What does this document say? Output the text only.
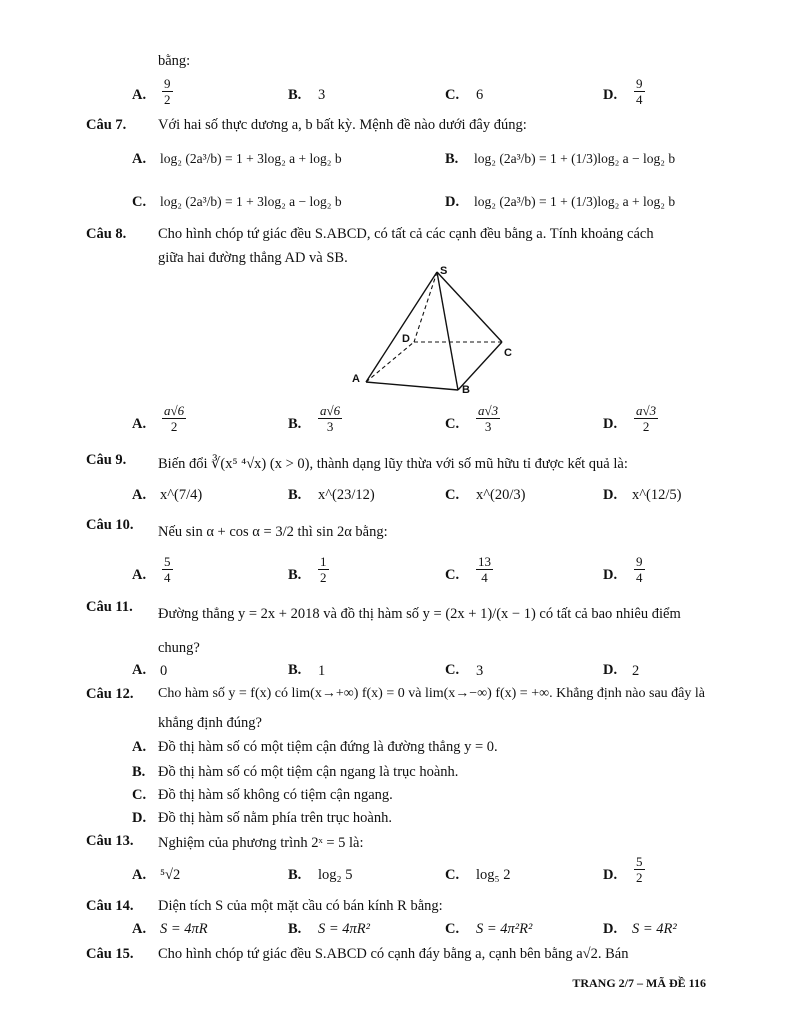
bằng:
A. $\frac{9}{2}$	B. 3	C. 6	D. $\frac{9}{4}$
Câu 7. Với hai số thực dương a, b bất kỳ. Mệnh đề nào dưới đây đúng:
A. log₂ (2a³/b) = 1 + 3log₂ a + log₂ b	B. log₂ (2a³/b) = 1 + (1/3)log₂ a − log₂ b
C. log₂ (2a³/b) = 1 + 3log₂ a − log₂ b	D. log₂ (2a³/b) = 1 + (1/3)log₂ a + log₂ b
Câu 8. Cho hình chóp tứ giác đều S.ABCD, có tất cả các cạnh đều bằng a. Tính khoảng cách
giữa hai đường thẳng AD và SB.
S
A
B
C
D
A. $\frac{a√6}{2}$	B. $\frac{a√6}{3}$	C. $\frac{a√3}{3}$	D. $\frac{a√3}{2}$
Câu 9. Biến đổi ∛(x⁵ ⁴√x) (x > 0), thành dạng lũy thừa với số mũ hữu tỉ được kết quả là:
A. x^(7/4)	B. x^(23/12)	C. x^(20/3)	D. x^(12/5)
Câu 10. Nếu sin α + cos α = 3/2 thì sin 2α bằng:
A. $\frac{5}{4}$	B. $\frac{1}{2}$	C. $\frac{13}{4}$	D. $\frac{9}{4}$
Câu 11. Đường thẳng y = 2x + 2018 và đồ thị hàm số y = (2x + 1)/(x − 1) có tất cả bao nhiêu điểm
chung?
A. 0	B. 1	C. 3	D. 2
Câu 12. Cho hàm số y = f(x) có lim(x→+∞) f(x) = 0 và lim(x→−∞) f(x) = +∞. Khẳng định nào sau đây là
khẳng định đúng?
A. Đồ thị hàm số có một tiệm cận đứng là đường thẳng y = 0.
B. Đồ thị hàm số có một tiệm cận ngang là trục hoành.
C. Đồ thị hàm số không có tiệm cận ngang.
D. Đồ thị hàm số nằm phía trên trục hoành.
Câu 13. Nghiệm của phương trình 2ˣ = 5 là:
A. ⁵√2	B. log₂ 5	C. log₅ 2	D. $\frac{5}{2}$
Câu 14. Diện tích S của một mặt cầu có bán kính R bằng:
A. S = 4πR	B. S = 4πR²	C. S = 4π²R²	D. S = 4R²
Câu 15. Cho hình chóp tứ giác đều S.ABCD có cạnh đáy bằng a, cạnh bên bằng a√2. Bán
TRANG 2/7 – MÃ ĐỀ 116
